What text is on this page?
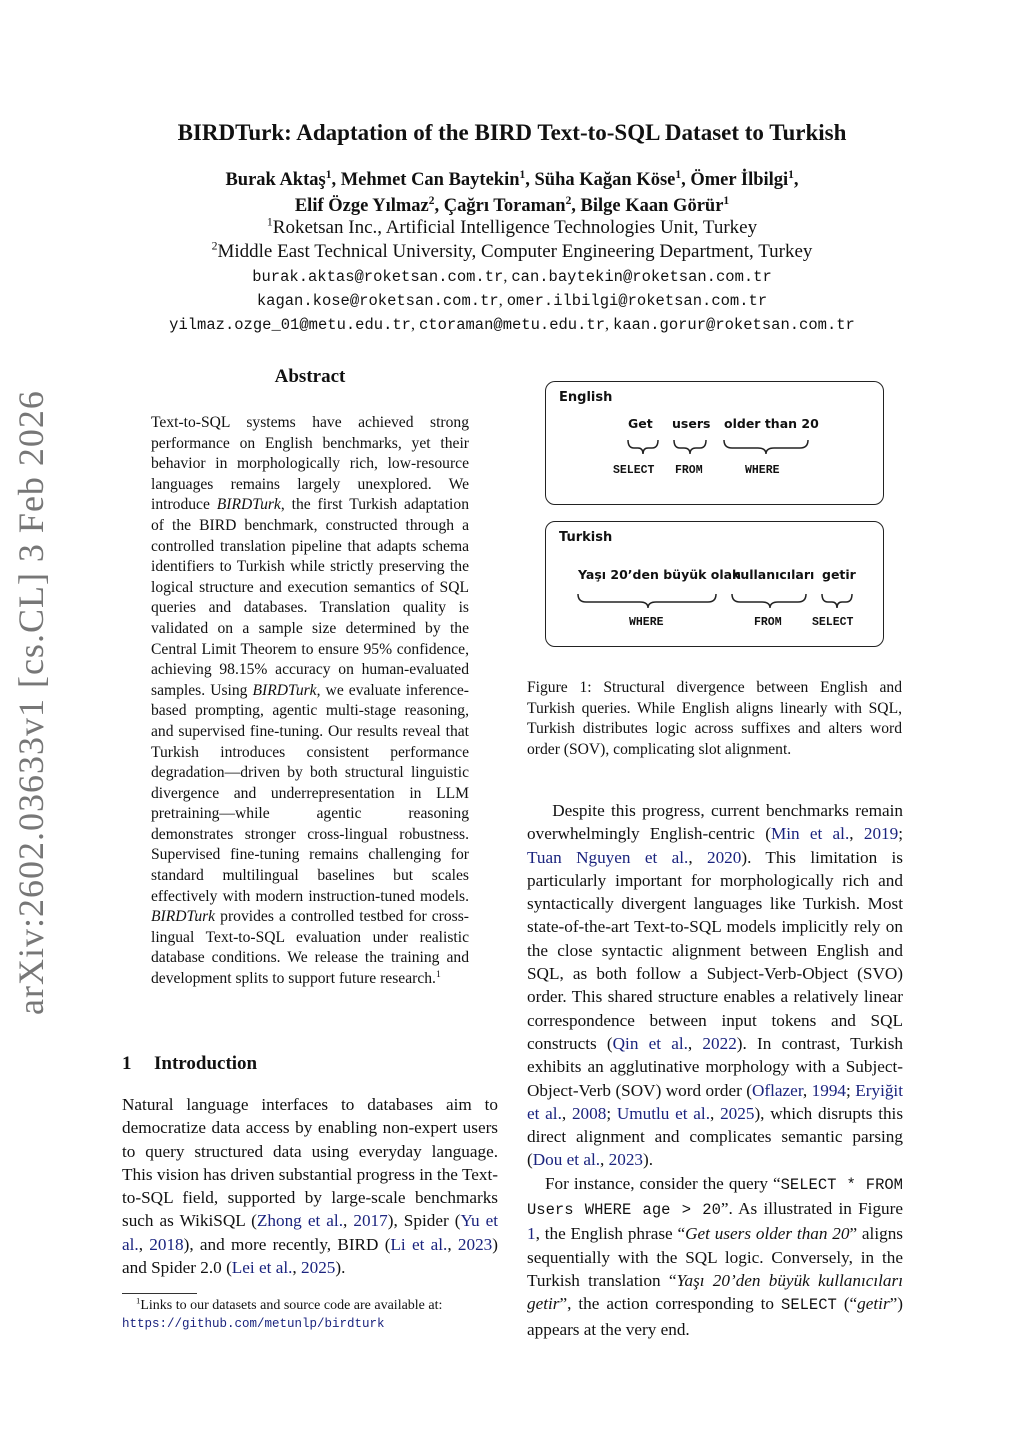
arXiv:2602.03633v1 [cs.CL] 3 Feb 2026
BIRDTurk: Adaptation of the BIRD Text-to-SQL Dataset to Turkish
Burak Aktaş$^1$, Mehmet Can Baytekin$^1$, Süha Kağan Köse$^1$, Ömer İlbilgi$^1$,
Elif Özge Yılmaz$^2$, Çağrı Toraman$^2$, Bilge Kaan Görür$^1$
$^1$Roketsan Inc., Artificial Intelligence Technologies Unit, Turkey
$^2$Middle East Technical University, Computer Engineering Department, Turkey
burak.aktas@roketsan.com.tr, can.baytekin@roketsan.com.tr
kagan.kose@roketsan.com.tr, omer.ilbilgi@roketsan.com.tr
yilmaz.ozge_01@metu.edu.tr, ctoraman@metu.edu.tr, kaan.gorur@roketsan.com.tr
Abstract
Text-to-SQL systems have achieved strong performance on English benchmarks, yet their behavior in morphologically rich, low-resource languages remains largely unexplored. We introduce BIRDTurk, the first Turkish adaptation of the BIRD benchmark, constructed through a controlled translation pipeline that adapts schema identifiers to Turkish while strictly preserving the logical structure and execution semantics of SQL queries and databases. Translation quality is validated on a sample size determined by the Central Limit Theorem to ensure 95% confidence, achieving 98.15% accuracy on human-evaluated samples. Using BIRDTurk, we evaluate inference-based prompting, agentic multi-stage reasoning, and supervised fine-tuning. Our results reveal that Turkish introduces consistent performance degradation—driven by both structural linguistic divergence and underrepresentation in LLM pretraining—while agentic reasoning demonstrates stronger cross-lingual robustness. Supervised fine-tuning remains challenging for standard multilingual baselines but scales effectively with modern instruction-tuned models. BIRDTurk provides a controlled testbed for cross-lingual Text-to-SQL evaluation under realistic database conditions. We release the training and development splits to support future research.$^1$
1 Introduction
Natural language interfaces to databases aim to democratize data access by enabling non-expert users to query structured data using everyday language. This vision has driven substantial progress in the Text-to-SQL field, supported by large-scale benchmarks such as WikiSQL (Zhong et al., 2017), Spider (Yu et al., 2018), and more recently, BIRD (Li et al., 2023) and Spider 2.0 (Lei et al., 2025).
$^1$Links to our datasets and source code are available at:
https://github.com/metunlp/birdturk
English
Get users older than 20
SELECT FROM	WHERE
Turkish
Yaşı 20’den büyük olan
kullanıcıları getir
WHERE	FROM	SELECT
Figure 1: Structural divergence between English and Turkish queries. While English aligns linearly with SQL, Turkish distributes logic across suffixes and alters word order (SOV), complicating slot alignment.

Despite this progress, current benchmarks remain overwhelmingly English-centric (Min et al., 2019; Tuan Nguyen et al., 2020). This limitation is particularly important for morphologically rich and syntactically divergent languages like Turkish. Most state-of-the-art Text-to-SQL models implicitly rely on the close syntactic alignment between English and SQL, as both follow a Subject-Verb-Object (SVO) order. This shared structure enables a relatively linear correspondence between input tokens and SQL constructs (Qin et al., 2022). In contrast, Turkish exhibits an agglutinative morphology with a Subject-Object-Verb (SOV) word order (Oflazer, 1994; Eryiğit et al., 2008; Umutlu et al., 2025), which disrupts this direct alignment and complicates semantic parsing (Dou et al., 2023).

For instance, consider the query “SELECT * FROM Users WHERE age > 20”. As illustrated in Figure 1, the English phrase “Get users older than 20” aligns sequentially with the SQL logic. Conversely, in the Turkish translation “Yaşı 20’den büyük kullanıcıları getir”, the action corresponding to SELECT (“getir”) appears at the very end.
